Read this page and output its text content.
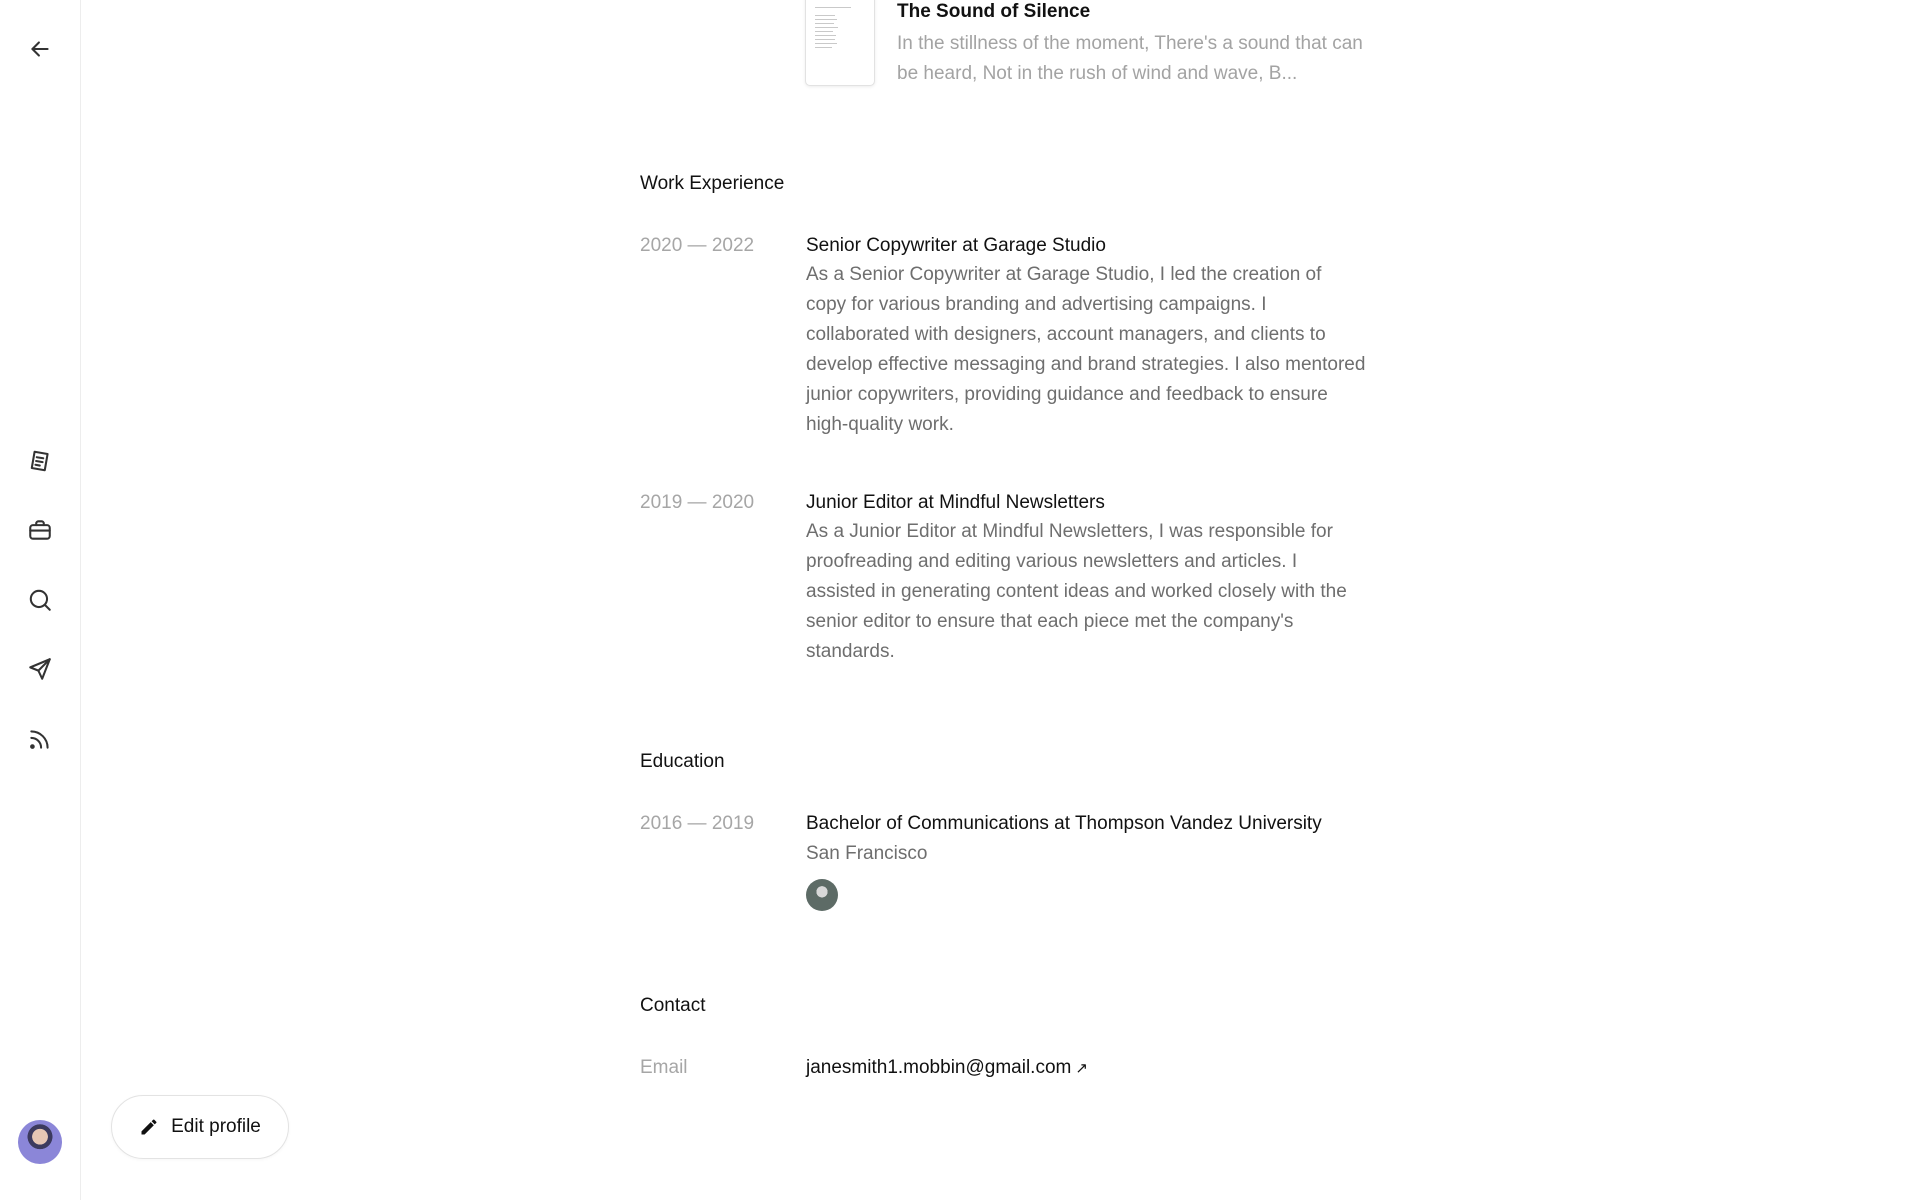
Edit profile
The Sound of Silence
In the stillness of the moment, There's a sound that can be heard, Not in the rush of wind and wave, B...
Work Experience
2020 — 2022	Senior Copywriter at Garage Studio
As a Senior Copywriter at Garage Studio, I led the creation of copy for various branding and advertising campaigns. I collaborated with designers, account managers, and clients to develop effective messaging and brand strategies. I also mentored junior copywriters, providing guidance and feedback to ensure high-quality work.
2019 — 2020	Junior Editor at Mindful Newsletters
As a Junior Editor at Mindful Newsletters, I was responsible for proofreading and editing various newsletters and articles. I assisted in generating content ideas and worked closely with the senior editor to ensure that each piece met the company's standards.
Education
2016 — 2019	Bachelor of Communications at Thompson Vandez University
San Francisco
Contact
Email	janesmith1.mobbin@gmail.com ↗
